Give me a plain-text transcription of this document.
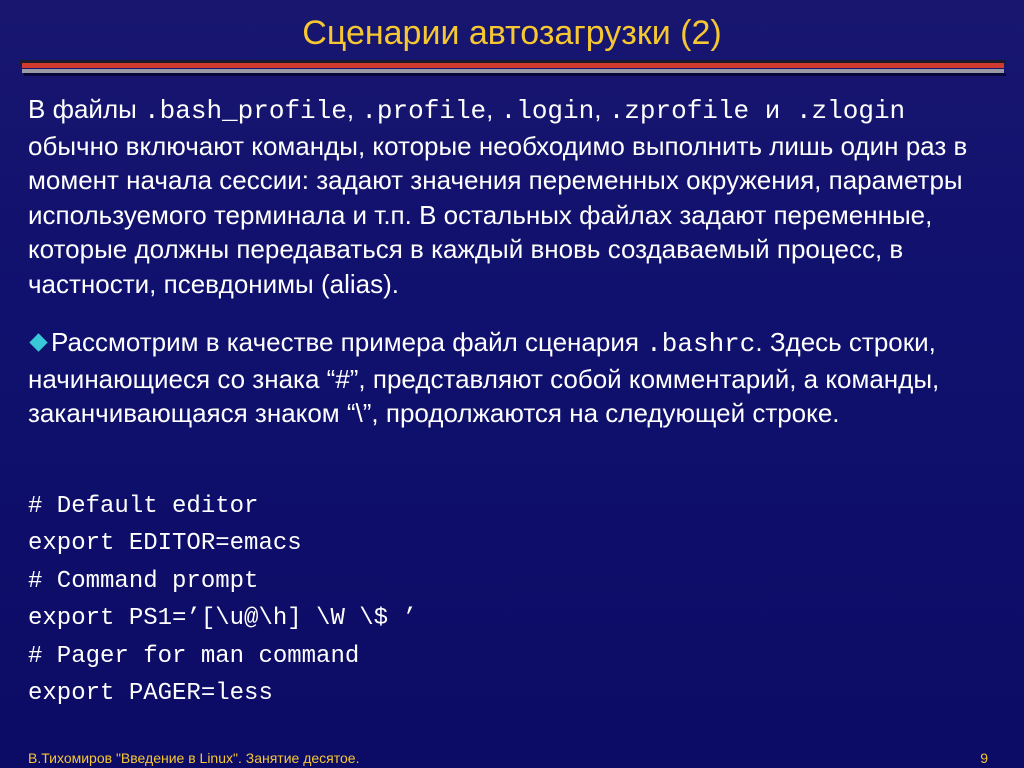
Сценарии автозагрузки (2)
В файлы .bash_profile, .profile, .login, .zprofile и .zlogin обычно включают команды, которые необходимо выполнить лишь один раз в момент начала сессии: задают значения переменных окружения, параметры используемого терминала и т.п. В остальных файлах задают переменные, которые должны передаваться в каждый вновь создаваемый процесс, в частности, псевдонимы (alias).
Рассмотрим в качестве примера файл сценария .bashrc. Здесь строки, начинающиеся со знака “#”, представляют собой комментарий, а команды, заканчивающаяся знаком “\”, продолжаются на следующей строке.
# Default editor
export EDITOR=emacs
# Command prompt
export PS1=’[\u@\h] \W \$ ’
# Pager for man command
export PAGER=less
В.Тихомиров "Введение в Linux". Занятие десятое.	9
